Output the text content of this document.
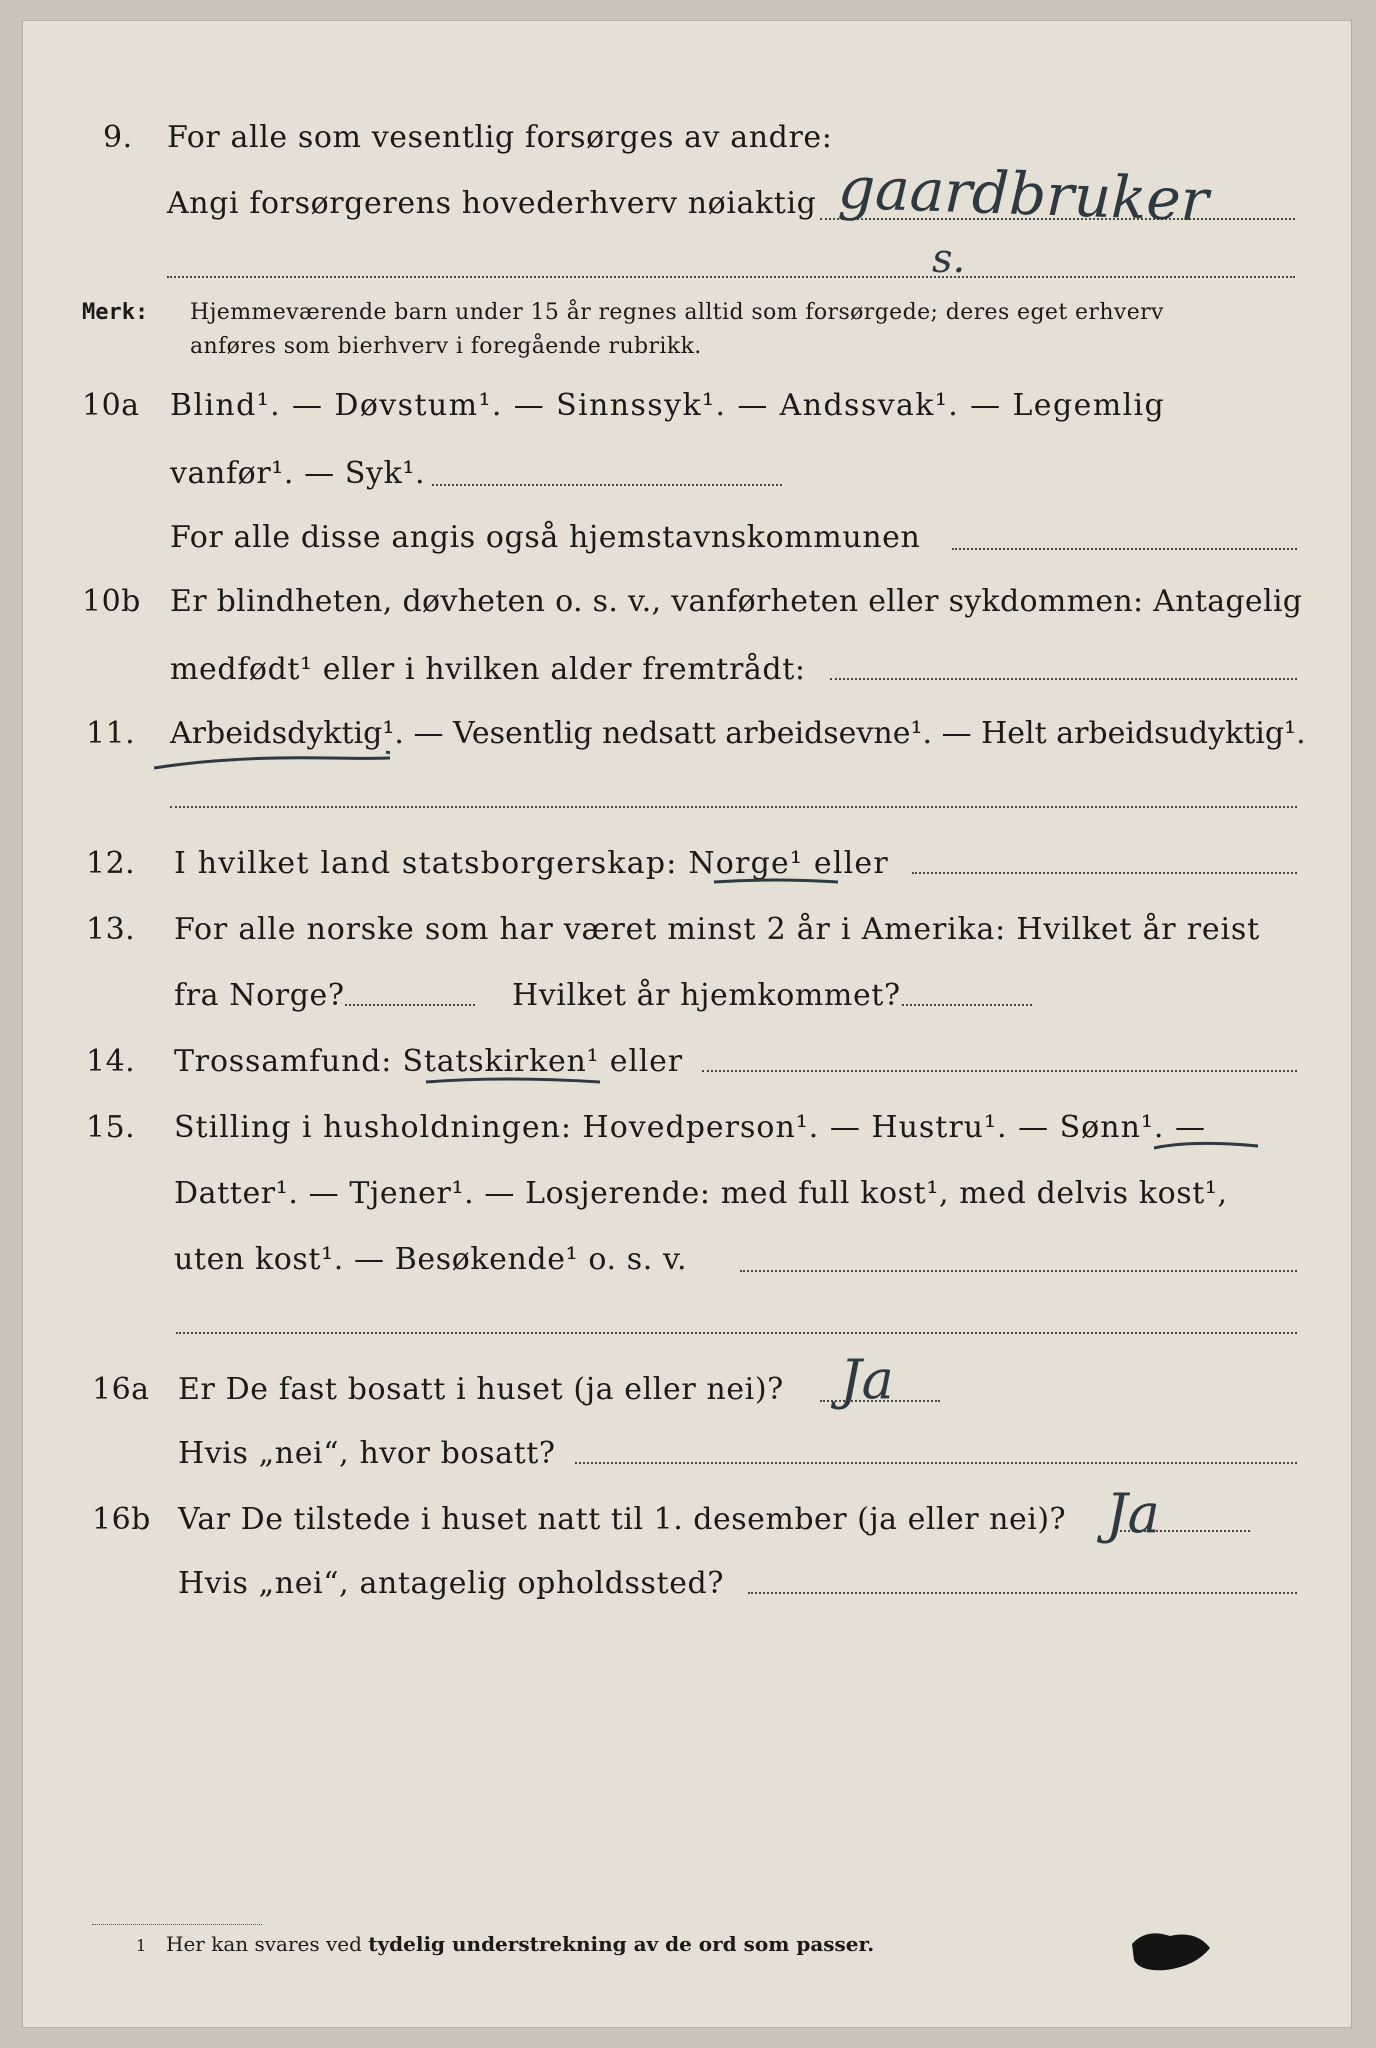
9. For alle som vesentlig forsørges av andre:
Angi forsørgerens hovederhverv nøiaktig gaardbruker
s.
Merk: Hjemmeværende barn under 15 år regnes alltid som forsørgede; deres eget erhverv
anføres som bierhverv i foregående rubrikk.
10a Blind¹. — Døvstum¹. — Sinnssyk¹. — Andssvak¹. — Legemlig
vanfør¹. — Syk¹.
For alle disse angis også hjemstavnskommunen
10b Er blindheten, døvheten o. s. v., vanførheten eller sykdommen: Antagelig
medfødt¹ eller i hvilken alder fremtrådt:
11. Arbeidsdyktig¹. — Vesentlig nedsatt arbeidsevne¹. — Helt arbeidsudyktig¹.
12. I hvilket land statsborgerskap: Norge¹ eller
13. For alle norske som har været minst 2 år i Amerika: Hvilket år reist
fra Norge?	Hvilket år hjemkommet?
14. Trossamfund: Statskirken¹ eller
15. Stilling i husholdningen: Hovedperson¹. — Hustru¹. — Sønn¹. —
Datter¹. — Tjener¹. — Losjerende: med full kost¹, med delvis kost¹,
uten kost¹. — Besøkende¹ o. s. v.
16a Er De fast bosatt i huset (ja eller nei)? Ja
Hvis „nei“, hvor bosatt?
16b Var De tilstede i huset natt til 1. desember (ja eller nei)? Ja
Hvis „nei“, antagelig opholdssted?
1 Her kan svares ved tydelig understrekning av de ord som passer.
